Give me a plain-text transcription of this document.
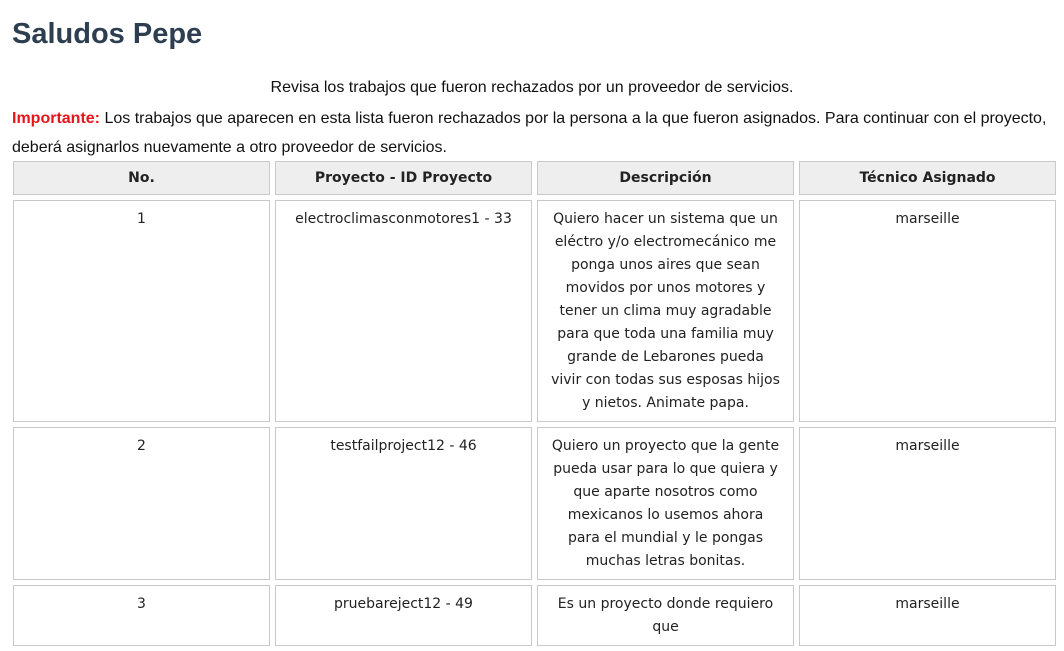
Saludos Pepe
Revisa los trabajos que fueron rechazados por un proveedor de servicios.
Importante: Los trabajos que aparecen en esta lista fueron rechazados por la persona a la que fueron asignados. Para continuar con el proyecto, deberá asignarlos nuevamente a otro proveedor de servicios.
No.	Proyecto - ID Proyecto	Descripción	Técnico Asignado
1	electroclimasconmotores1 - 33	Quiero hacer un sistema que un eléctro y/o electromecánico me ponga unos aires que sean movidos por unos motores y tener un clima muy agradable para que toda una familia muy grande de Lebarones pueda vivir con todas sus esposas hijos y nietos. Animate papa.	marseille
2	testfailproject12 - 46	Quiero un proyecto que la gente pueda usar para lo que quiera y que aparte nosotros como mexicanos lo usemos ahora para el mundial y le pongas muchas letras bonitas.	marseille
3	pruebareject12 - 49	Es un proyecto donde requiero que	marseille
